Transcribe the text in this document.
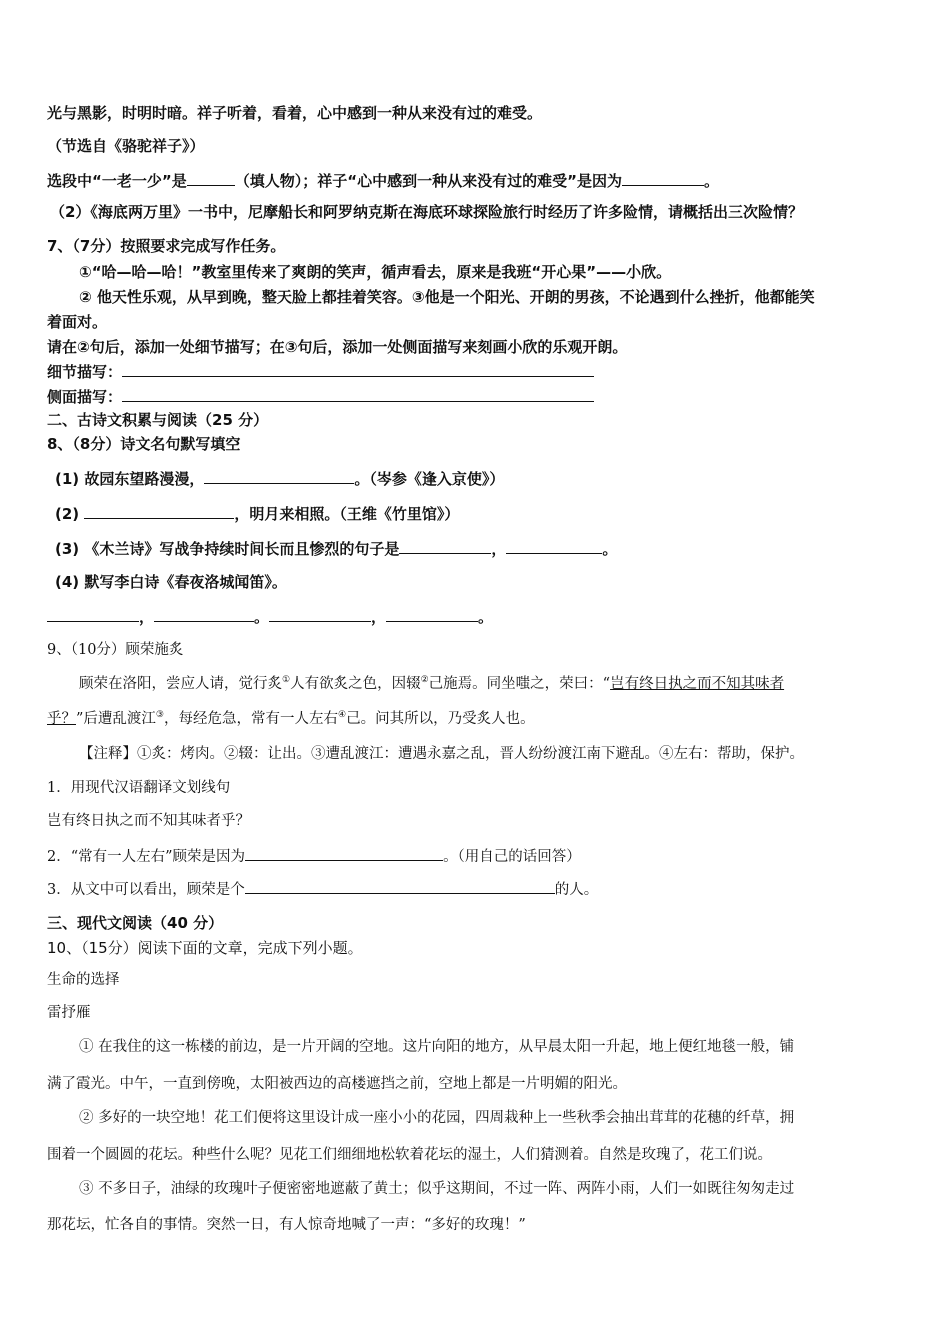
光与黑影，时明时暗。祥子听着，看着，心中感到一种从来没有过的难受。
（节选自《骆驼祥子》）
选段中“一老一少”是	（填人物）；祥子“心中感到一种从来没有过的难受”是因为	。
（2）《海底两万里》一书中，尼摩船长和阿罗纳克斯在海底环球探险旅行时经历了许多险情，请概括出三次险情？
7、（7分）按照要求完成写作任务。
①“哈—哈—哈！”教室里传来了爽朗的笑声，循声看去，原来是我班“开心果”——小欣。
② 他天性乐观，从早到晚，整天脸上都挂着笑容。③他是一个阳光、开朗的男孩，不论遇到什么挫折，他都能笑
着面对。
请在②句后，添加一处细节描写；在③句后，添加一处侧面描写来刻画小欣的乐观开朗。
细节描写：
侧面描写：
二、古诗文积累与阅读（25 分）
8、（8分）诗文名句默写填空
(1) 故园东望路漫漫，	。（岑参《逢入京使》）
(2)	，明月来相照。（王维《竹里馆》）
(3) 《木兰诗》写战争持续时间长而且惨烈的句子是	，	。
(4) 默写李白诗《春夜洛城闻笛》。
，	。	，	。
9、（10分）顾荣施炙
顾荣在洛阳，尝应人请，觉行炙①人有欲炙之色，因辍②己施焉。同坐嗤之，荣曰：“岂有终日执之而不知其味者
乎？”后遭乱渡江③，每经危急，常有一人左右④己。问其所以，乃受炙人也。
【注释】①炙：烤肉。②辍：让出。③遭乱渡江：遭遇永嘉之乱，晋人纷纷渡江南下避乱。④左右：帮助，保护。
1．用现代汉语翻译文划线句
岂有终日执之而不知其味者乎？
2．“常有一人左右”顾荣是因为	。（用自己的话回答）
3．从文中可以看出，顾荣是个	的人。
三、现代文阅读（40 分）
10、（15分）阅读下面的文章，完成下列小题。
生命的选择
雷抒雁
① 在我住的这一栋楼的前边，是一片开阔的空地。这片向阳的地方，从早晨太阳一升起，地上便红地毯一般，铺
满了霞光。中午，一直到傍晚，太阳被西边的高楼遮挡之前，空地上都是一片明媚的阳光。
② 多好的一块空地！花工们便将这里设计成一座小小的花园，四周栽种上一些秋季会抽出茸茸的花穗的纤草，拥
围着一个圆圆的花坛。种些什么呢？见花工们细细地松软着花坛的湿土，人们猜测着。自然是玫瑰了，花工们说。
③ 不多日子，油绿的玫瑰叶子便密密地遮蔽了黄土；似乎这期间，不过一阵、两阵小雨，人们一如既往匆匆走过
那花坛，忙各自的事情。突然一日，有人惊奇地喊了一声：“多好的玫瑰！”
